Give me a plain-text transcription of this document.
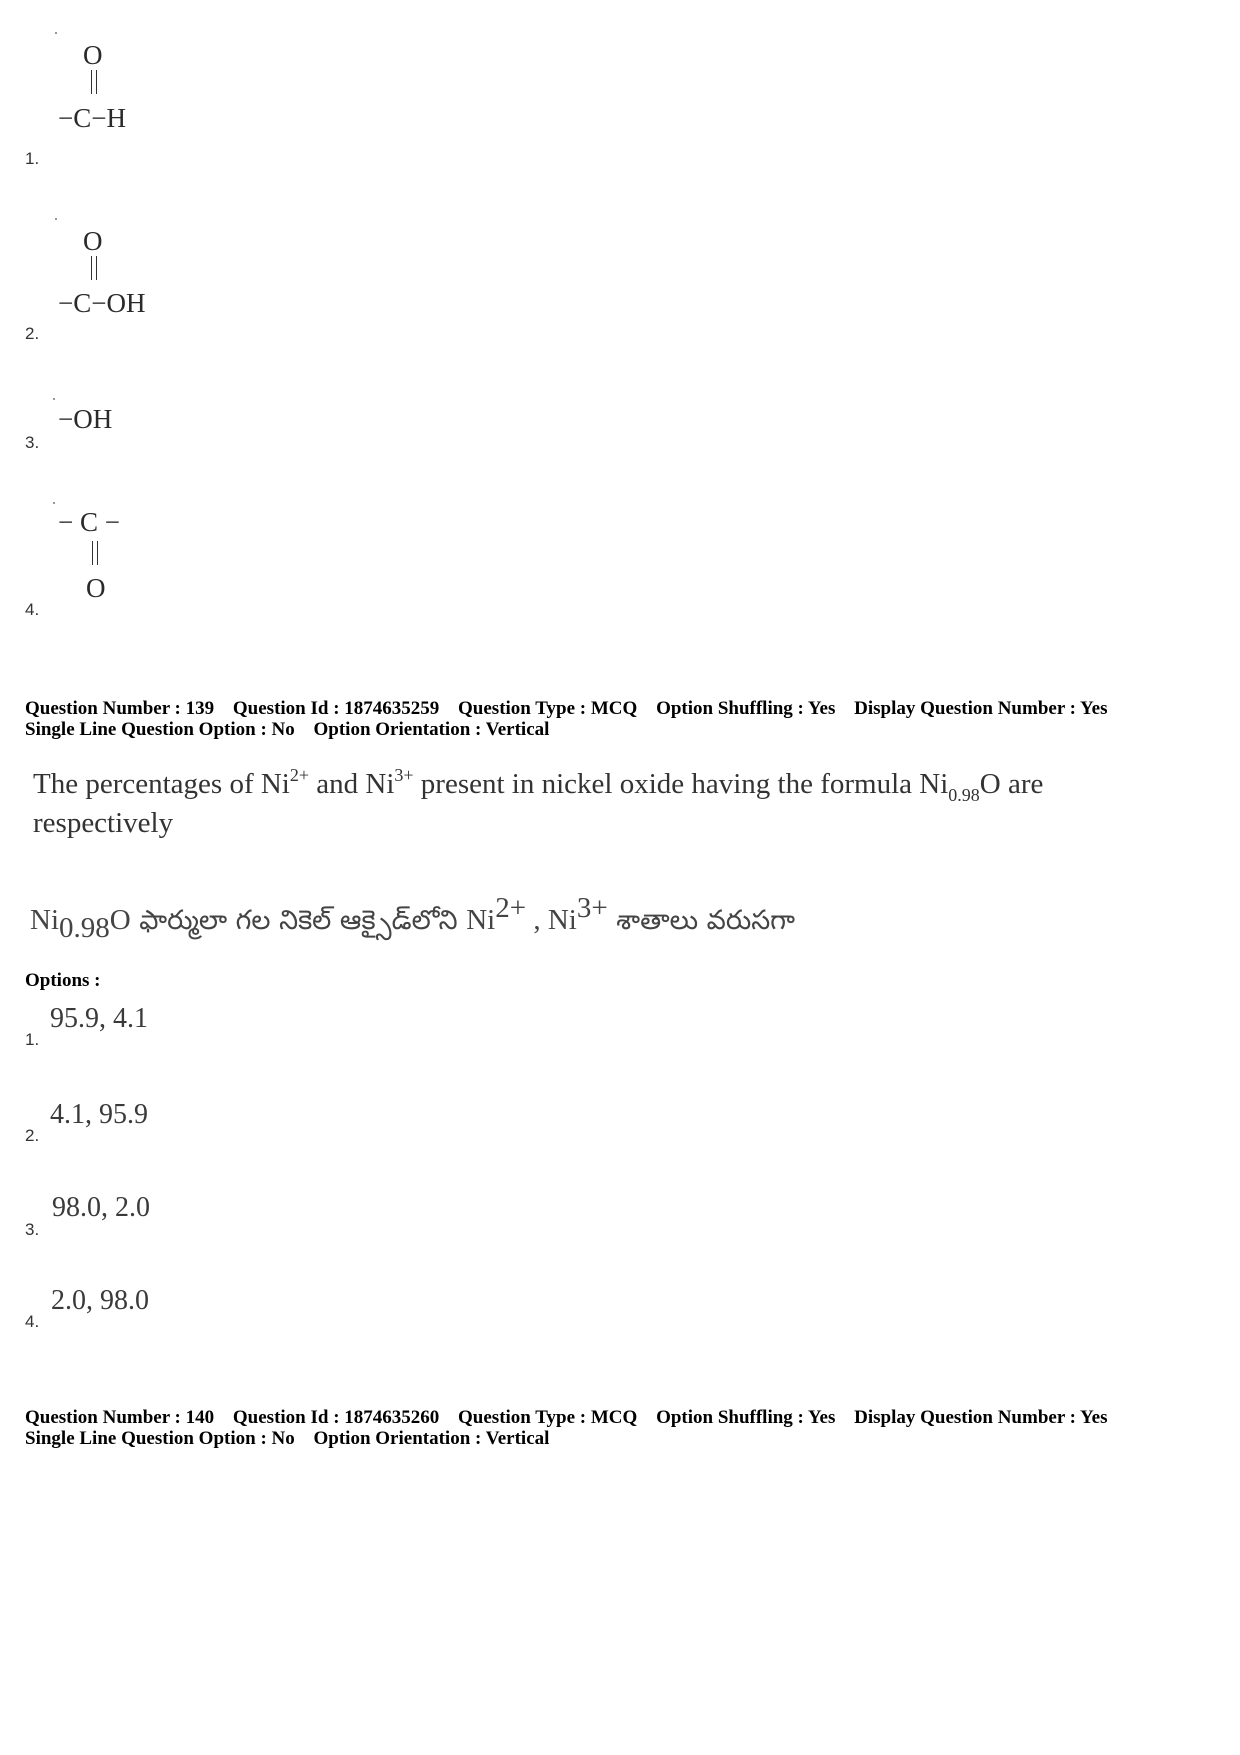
O
−C−H
1.
O
−C−OH
2.
−OH
3.
− C −
O
4.
Question Number : 139 Question Id : 1874635259 Question Type : MCQ Option Shuffling : Yes Display Question Number : Yes
Single Line Question Option : No Option Orientation : Vertical
The percentages of $Ni^{2+}$ and $Ni^{3+}$ present in nickel oxide having the formula $Ni_{0.98}O$ are
respectively
$Ni_{0.98}O$ ఫార్ములా గల నికెల్ ఆక్సైడ్‌లోని $Ni^{2+}$ , $Ni^{3+}$ శాతాలు వరుసగా
Options :
95.9, 4.1
1.
4.1, 95.9
2.
98.0, 2.0
3.
2.0, 98.0
4.
Question Number : 140 Question Id : 1874635260 Question Type : MCQ Option Shuffling : Yes Display Question Number : Yes
Single Line Question Option : No Option Orientation : Vertical
